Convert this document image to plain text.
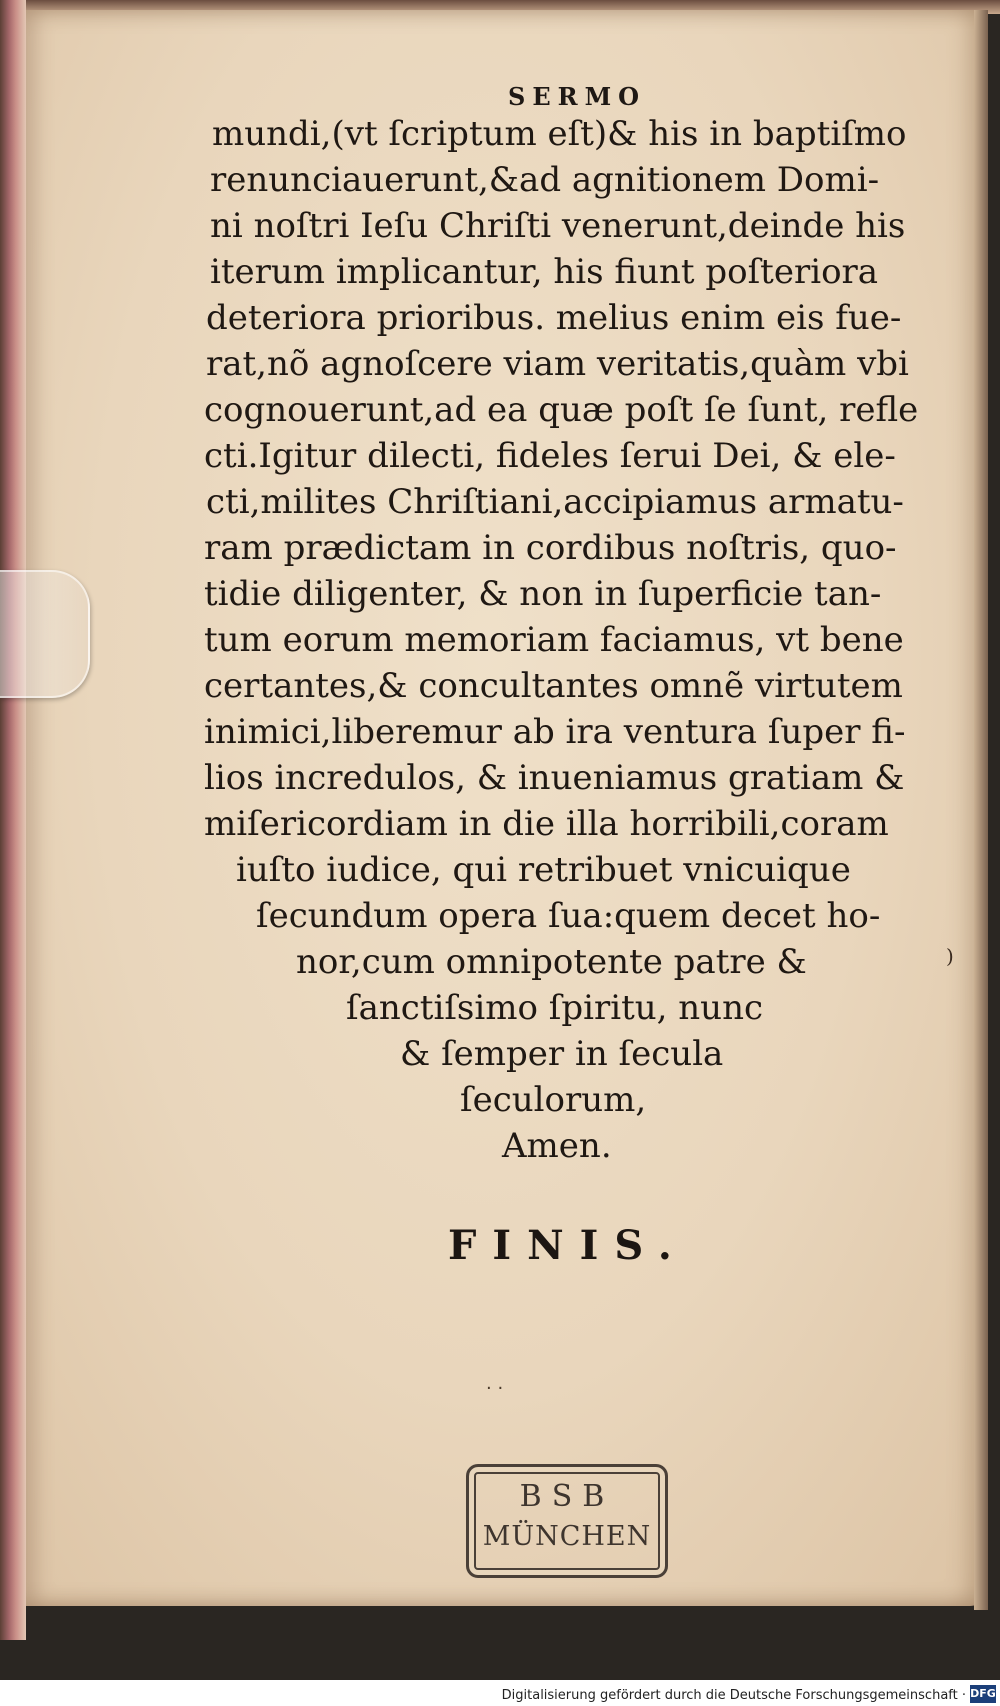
SERMO
mundi,(vt ſcriptum eſt)& his in baptiſmo
renunciauerunt,&ad agnitionem Domi-
ni noſtri Ieſu Chriſti venerunt,deinde his
iterum implicantur, his fiunt poſteriora
deteriora prioribus. melius enim eis fue-
rat,nõ agnoſcere viam veritatis,quàm vbi
cognouerunt,ad ea quæ poſt ſe ſunt, refle
cti.Igitur dilecti, fideles ſerui Dei, & ele-
cti,milites Chriſtiani,accipiamus armatu-
ram prædictam in cordibus noſtris, quo-
tidie diligenter, & non in ſuperficie tan-
tum eorum memoriam faciamus, vt bene
certantes,& concultantes omnẽ virtutem
inimici,liberemur ab ira ventura ſuper fi-
lios incredulos, & inueniamus gratiam &
miſericordiam in die illa horribili,coram
iuſto iudice, qui retribuet vnicuique
ſecundum opera ſua:quem decet ho-
nor,cum omnipotente patre &
ſanctiſsimo ſpiritu, nunc
& ſemper in ſecula
ſeculorum,
Amen.
)
FINIS.
· ·
BSB
MÜNCHEN
Digitalisierung gefördert durch die Deutsche Forschungsgemeinschaft · DFG
